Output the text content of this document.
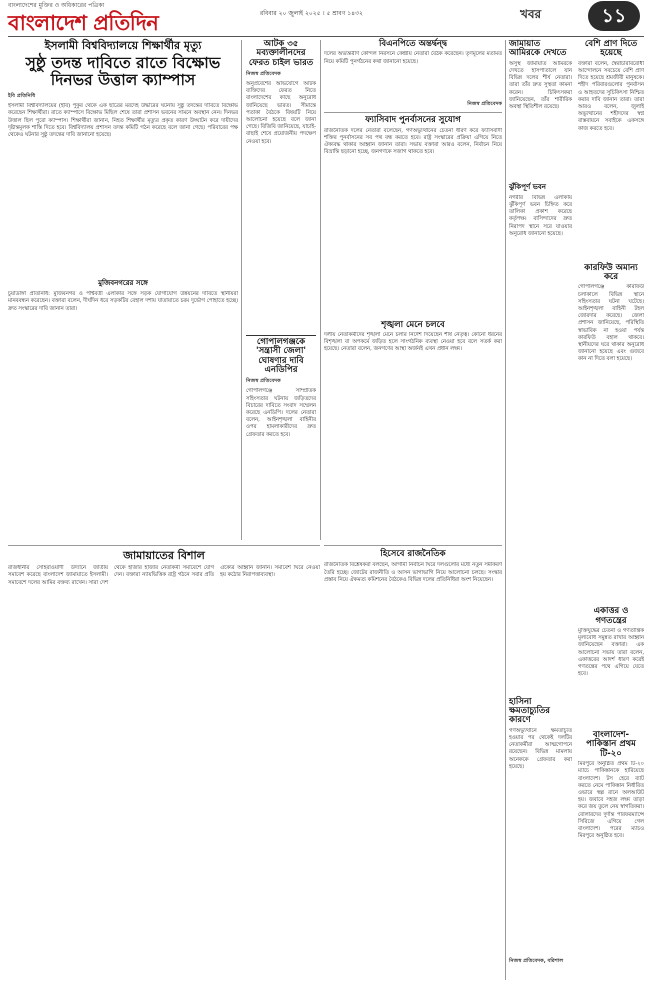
বাংলাদেশের মুক্তির ও অধিকারের পত্রিকা
বাংলাদেশ প্রতিদিন	রবিবার ২০ জুলাই ২০২৫ । ৫ শ্রাবণ ১৪৩২	খবর	১১
ইসলামী বিশ্ববিদ্যালয়ে শিক্ষার্থীর মৃত্যু
সুষ্ঠু তদন্ত দাবিতে রাতে বিক্ষোভ দিনভর উত্তাল ক্যাম্পাস
ইবি প্রতিনিধি
ইসলামী বিশ্ববিদ্যালয়ের (ইবি) পুকুর থেকে এক ছাত্রের মরদেহ উদ্ধারের ঘটনায় সুষ্ঠু তদন্তের দাবিতে বিক্ষোভ করেছেন শিক্ষার্থীরা। রাতে ক্যাম্পাসে বিক্ষোভ মিছিল শেষে তারা প্রশাসন ভবনের সামনে অবস্থান নেন। দিনভর উত্তাল ছিল পুরো ক্যাম্পাস। শিক্ষার্থীরা জানান, নিহত শিক্ষার্থীর মৃত্যুর প্রকৃত কারণ উদ্ঘাটন করে দায়ীদের দৃষ্টান্তমূলক শাস্তি দিতে হবে। বিশ্ববিদ্যালয় প্রশাসন তদন্ত কমিটি গঠন করেছে বলে জানা গেছে। পরিবারের পক্ষ থেকেও ঘটনার সুষ্ঠু তদন্তের দাবি জানানো হয়েছে।
মুজিবনগরের সঙ্গে
চুয়াডাঙ্গা প্রতিনিধি: মুজিবনগর ও পার্শ্ববর্তী এলাকার সঙ্গে সড়ক যোগাযোগ উন্নয়নের দাবিতে স্থানীয়রা মানববন্ধন করেছেন। বক্তারা বলেন, দীর্ঘদিন ধরে সড়কটির বেহাল দশায় যাতায়াতে চরম দুর্ভোগ পোহাতে হচ্ছে। দ্রুত সংস্কারের দাবি জানান তারা।
আটক ৩৫ মব্যক্তালীনদের ফেরত চাইল ভারত
নিজস্ব প্রতিবেদক
অনুপ্রবেশের অভিযোগে আটক ব্যক্তিদের ফেরত নিতে বাংলাদেশের কাছে অনুরোধ জানিয়েছে ভারত। সীমান্তে পতাকা বৈঠকে বিষয়টি নিয়ে আলোচনা হয়েছে বলে জানা গেছে। বিজিবি জানিয়েছে, যাচাই-বাছাই শেষে প্রয়োজনীয় পদক্ষেপ নেওয়া হবে।
গোপালগঞ্জকে 'সন্ত্রাসী জেলা' ঘোষণার দাবি এনডিপির
নিজস্ব প্রতিবেদক
গোপালগঞ্জে সাম্প্রতিক সহিংসতার ঘটনায় জড়িতদের বিচারের দাবিতে সংবাদ সম্মেলন করেছে এনডিপি। দলের নেতারা বলেন, আইনশৃঙ্খলা বাহিনীর ওপর হামলাকারীদের দ্রুত গ্রেফতার করতে হবে।
বিএনপিতে অন্তর্দ্বন্দ্ব
দলের অভ্যন্তরীণ কোন্দল নিরসনে কেন্দ্রীয় নেতারা বৈঠক করেছেন। তৃণমূলের মতামত নিয়ে কমিটি পুনর্গঠনের কথা জানানো হয়েছে।
নিজস্ব প্রতিবেদক
ফ্যাসিবাদ পুনর্বাসনের সুযোগ
রাজনৈতিক দলের নেতারা বলেছেন, গণঅভ্যুত্থানের চেতনা ধারণ করে ফ্যাসিবাদী শক্তির পুনর্বাসনের সব পথ বন্ধ করতে হবে। রাষ্ট্র সংস্কারের প্রক্রিয়া এগিয়ে নিতে ঐক্যবদ্ধ থাকার আহ্বান জানান তারা। সভায় বক্তারা আরও বলেন, নির্বাচন নিয়ে বিভ্রান্তি ছড়ানো হচ্ছে, জনগণকে সজাগ থাকতে হবে।
শৃঙ্খলা মেনে চলবে
দলীয় নেতাকর্মীদের শৃঙ্খলা মেনে চলার নির্দেশ দিয়েছেন শীর্ষ নেতৃত্ব। কোনো ধরনের বিশৃঙ্খলা বা অপকর্মে জড়িত হলে সাংগঠনিক ব্যবস্থা নেওয়া হবে বলে সতর্ক করা হয়েছে। নেতারা বলেন, জনগণের আস্থা অর্জনই এখন প্রধান লক্ষ্য।
জামায়াত আমিরকে দেখতে
অসুস্থ জামায়াত আমিরকে দেখতে হাসপাতালে যান বিভিন্ন দলের শীর্ষ নেতারা। তারা তাঁর দ্রুত সুস্থতা কামনা করেন। চিকিৎসকরা জানিয়েছেন, তাঁর শারীরিক অবস্থা স্থিতিশীল রয়েছে।
ঝুঁকিপূর্ণ ভবন
নগরীর বিভিন্ন এলাকায় ঝুঁকিপূর্ণ ভবন চিহ্নিত করে তালিকা প্রকাশ করেছে কর্তৃপক্ষ। বাসিন্দাদের দ্রুত নিরাপদ স্থানে সরে যাওয়ার অনুরোধ জানানো হয়েছে।
হাসিনা ক্ষমতাচ্যুতির কারণে
গণঅভ্যুত্থানে ক্ষমতাচ্যুত হওয়ার পর থেকেই দলটির নেতাকর্মীরা আত্মগোপনে রয়েছেন। বিভিন্ন মামলায় অনেককে গ্রেফতার করা হয়েছে।
নিজস্ব প্রতিবেদক, বরিশাল
বেশি প্রাণ দিতে হয়েছে
বক্তারা বলেন, স্বৈরাচারবিরোধী আন্দোলনে সবচেয়ে বেশি প্রাণ দিতে হয়েছে শ্রমজীবী মানুষকে। শহীদ পরিবারগুলোর পুনর্বাসন ও আহতদের সুচিকিৎসা নিশ্চিত করার দাবি জানান তারা। তারা আরও বলেন, জুলাই অভ্যুত্থানের শহীদদের স্বপ্ন বাস্তবায়নে সবাইকে একসঙ্গে কাজ করতে হবে।
কারফিউ অমান্য করে
গোপালগঞ্জে কারফিউ চলাকালে বিভিন্ন স্থানে সহিংসতার ঘটনা ঘটেছে। আইনশৃঙ্খলা বাহিনী টহল জোরদার করেছে। জেলা প্রশাসন জানিয়েছে, পরিস্থিতি স্বাভাবিক না হওয়া পর্যন্ত কারফিউ বহাল থাকবে। স্থানীয়দের ঘরে থাকার অনুরোধ জানানো হয়েছে এবং গুজবে কান না দিতে বলা হয়েছে।
একাত্তর ও গণতন্ত্রের
মুক্তিযুদ্ধের চেতনা ও গণতান্ত্রিক মূল্যবোধ সমুন্নত রাখার আহ্বান জানিয়েছেন বক্তারা। এক আলোচনা সভায় তারা বলেন, একাত্তরের আদর্শ ধারণ করেই গণতন্ত্রের পথে এগিয়ে যেতে হবে।
বাংলাদেশ-পাকিস্তান প্রথম টি-২০
মিরপুরে অনুষ্ঠিত প্রথম টি-২০ ম্যাচে পাকিস্তানকে হারিয়েছে বাংলাদেশ। টস হেরে ব্যাট করতে নেমে পাকিস্তান নির্ধারিত ওভারে স্বল্প রানে অলআউট হয়। জবাবে সহজ লক্ষ্য তাড়া করে জয় তুলে নেয় স্বাগতিকরা। বোলারদের দুর্দান্ত পারফরম্যান্সে সিরিজে এগিয়ে গেল বাংলাদেশ। পরের ম্যাচও মিরপুরে অনুষ্ঠিত হবে।
জামায়াতের বিশাল
রাজধানীর সোহরাওয়ার্দী উদ্যানে জাতীয় সমাবেশ করেছে বাংলাদেশ জামায়াতে ইসলামী। সমাবেশে দলের আমির বক্তব্য রাখেন। সারা দেশ থেকে হাজার হাজার নেতাকর্মী সমাবেশে যোগ দেন। বক্তারা ন্যায়ভিত্তিক রাষ্ট্র গঠনে সবার প্রতি ঐক্যের আহ্বান জানান। সমাবেশ ঘিরে নেওয়া হয় কঠোর নিরাপত্তাব্যবস্থা।
হিসেবে রাজনৈতিক
রাজনৈতিক বিশ্লেষকরা বলছেন, আগামী নির্বাচন ঘিরে দলগুলোর মধ্যে নতুন সমীকরণ তৈরি হচ্ছে। জোটের রাজনীতি ও আসন ভাগাভাগি নিয়ে আলোচনা চলছে। সংস্কার প্রস্তাব নিয়ে ঐকমত্য কমিশনের বৈঠকেও বিভিন্ন দলের প্রতিনিধিরা অংশ নিয়েছেন।
